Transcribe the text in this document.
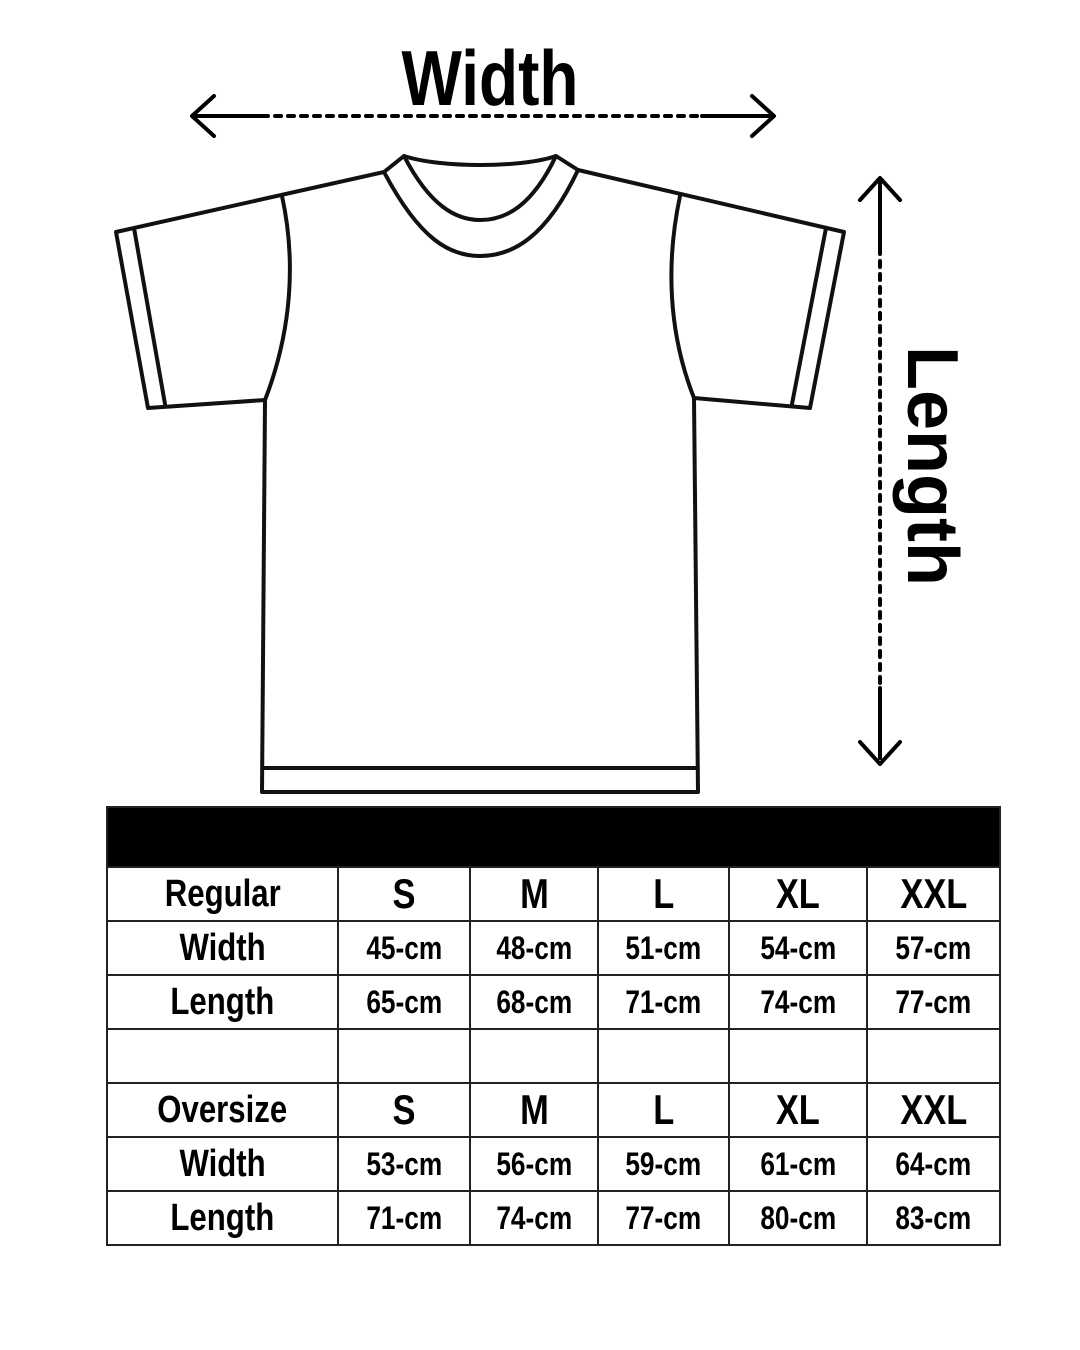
Width
Length

Regular	S	M	L	XL	XXL
Width	45-cm	48-cm	51-cm	54-cm	57-cm
Length	65-cm	68-cm	71-cm	74-cm	77-cm

Oversize	S	M	L	XL	XXL
Width	53-cm	56-cm	59-cm	61-cm	64-cm
Length	71-cm	74-cm	77-cm	80-cm	83-cm
